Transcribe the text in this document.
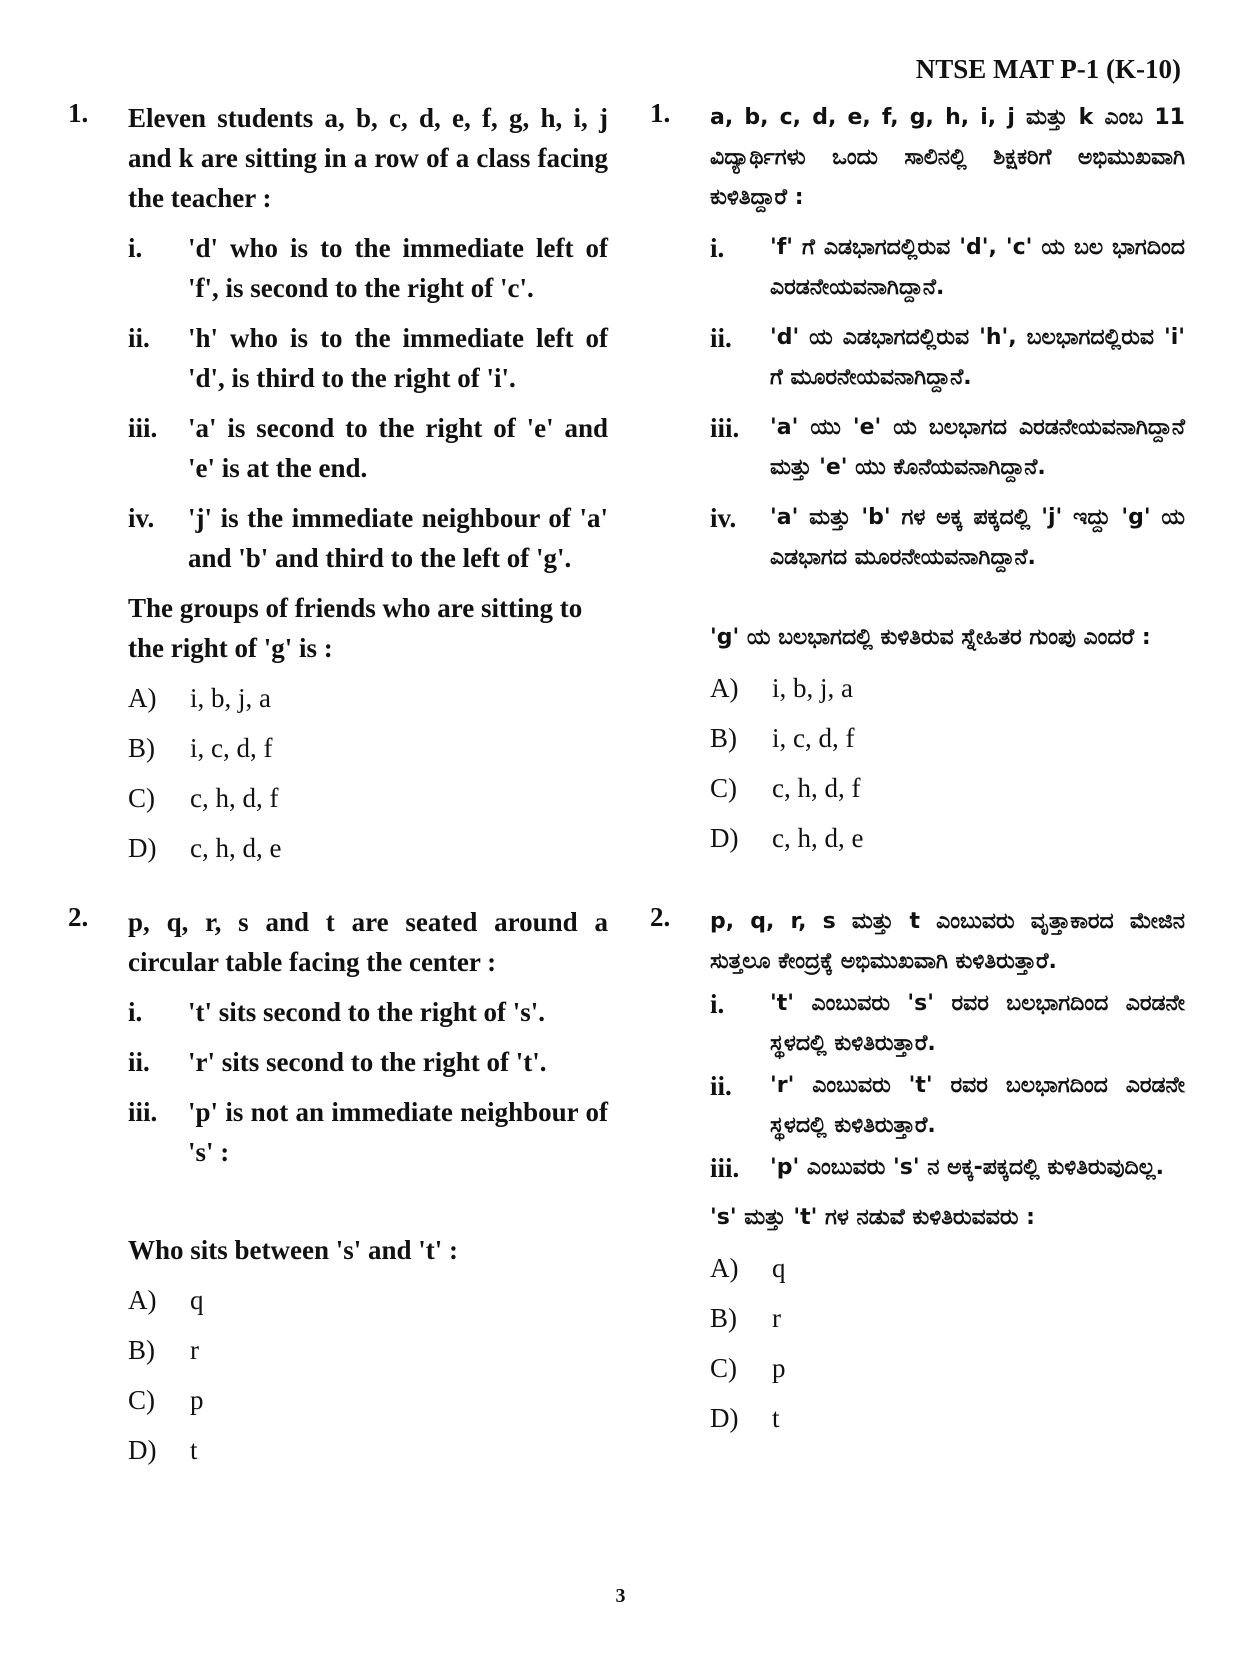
NTSE MAT P-1 (K-10)
1.	Eleven students a, b, c, d, e, f, g, h, i, j and k are sitting in a row of a class facing the teacher :
i.	'd' who is to the immediate left of 'f', is second to the right of 'c'.
ii.	'h' who is to the immediate left of 'd', is third to the right of 'i'.
iii.	'a' is second to the right of 'e' and 'e' is at the end.
iv.	'j' is the immediate neighbour of 'a' and 'b' and third to the left of 'g'.
The groups of friends who are sitting to the right of 'g' is :
A)	i, b, j, a
B)	i, c, d, f
C)	c, h, d, f
D)	c, h, d, e
2.	p, q, r, s and t are seated around a circular table facing the center :
i.	't' sits second to the right of 's'.
ii.	'r' sits second to the right of 't'.
iii.	'p' is not an immediate neighbour of 's' :
Who sits between 's' and 't' :
A)	q
B)	r
C)	p
D)	t
1.	a, b, c, d, e, f, g, h, i, j ಮತ್ತು k ಎಂಬ 11 ವಿದ್ಯಾರ್ಥಿಗಳು ಒಂದು ಸಾಲಿನಲ್ಲಿ ಶಿಕ್ಷಕರಿಗೆ ಅಭಿಮುಖವಾಗಿ ಕುಳಿತಿದ್ದಾರೆ :
i.	'f' ಗೆ ಎಡಭಾಗದಲ್ಲಿರುವ 'd', 'c' ಯ ಬಲ ಭಾಗದಿಂದ ಎರಡನೇಯವನಾಗಿದ್ದಾನೆ.
ii.	'd' ಯ ಎಡಭಾಗದಲ್ಲಿರುವ 'h', ಬಲಭಾಗದಲ್ಲಿರುವ 'i' ಗೆ ಮೂರನೇಯವನಾಗಿದ್ದಾನೆ.
iii.	'a' ಯು 'e' ಯ ಬಲಭಾಗದ ಎರಡನೇಯವನಾಗಿದ್ದಾನೆ ಮತ್ತು 'e' ಯು ಕೊನೆಯವನಾಗಿದ್ದಾನೆ.
iv.	'a' ಮತ್ತು 'b' ಗಳ ಅಕ್ಕ ಪಕ್ಕದಲ್ಲಿ 'j' ಇದ್ದು 'g' ಯ ಎಡಭಾಗದ ಮೂರನೇಯವನಾಗಿದ್ದಾನೆ.
'g' ಯ ಬಲಭಾಗದಲ್ಲಿ ಕುಳಿತಿರುವ ಸ್ನೇಹಿತರ ಗುಂಪು ಎಂದರೆ :
A)	i, b, j, a
B)	i, c, d, f
C)	c, h, d, f
D)	c, h, d, e
2.	p, q, r, s ಮತ್ತು t ಎಂಬುವರು ವೃತ್ತಾಕಾರದ ಮೇಜಿನ ಸುತ್ತಲೂ ಕೇಂದ್ರಕ್ಕೆ ಅಭಿಮುಖವಾಗಿ ಕುಳಿತಿರುತ್ತಾರೆ.
i.	't' ಎಂಬುವರು 's' ರವರ ಬಲಭಾಗದಿಂದ ಎರಡನೇ ಸ್ಥಳದಲ್ಲಿ ಕುಳಿತಿರುತ್ತಾರೆ.
ii.	'r' ಎಂಬುವರು 't' ರವರ ಬಲಭಾಗದಿಂದ ಎರಡನೇ ಸ್ಥಳದಲ್ಲಿ ಕುಳಿತಿರುತ್ತಾರೆ.
iii.	'p' ಎಂಬುವರು 's' ನ ಅಕ್ಕ-ಪಕ್ಕದಲ್ಲಿ ಕುಳಿತಿರುವುದಿಲ್ಲ.
's' ಮತ್ತು 't' ಗಳ ನಡುವೆ ಕುಳಿತಿರುವವರು :
A)	q
B)	r
C)	p
D)	t
3
